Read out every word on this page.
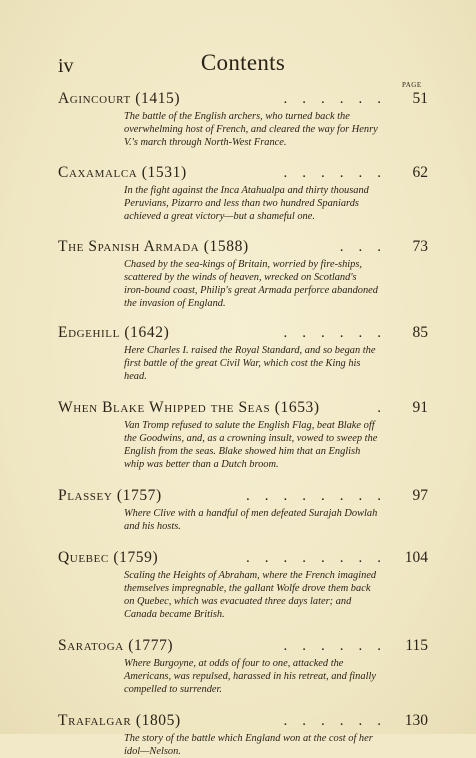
iv	Contents
PAGE
Agincourt (1415)	...... 51

The battle of the English archers, who turned back the overwhelming host of French, and cleared the way for Henry V.'s march through North-West France.

Caxamalca (1531)	...... 62

In the fight against the Inca Atahualpa and thirty thousand Peruvians, Pizarro and less than two hundred Spaniards achieved a great victory—but a shameful one.

The Spanish Armada (1588)	... 73

Chased by the sea-kings of Britain, worried by fire-ships, scattered by the winds of heaven, wrecked on Scotland's iron-bound coast, Philip's great Armada perforce abandoned the invasion of England.

Edgehill (1642)	...... 85

Here Charles I. raised the Royal Standard, and so began the first battle of the great Civil War, which cost the King his head.

When Blake Whipped the Seas (1653)	. 91

Van Tromp refused to salute the English Flag, beat Blake off the Goodwins, and, as a crowning insult, vowed to sweep the English from the seas. Blake showed him that an English whip was better than a Dutch broom.

Plassey (1757)	........ 97

Where Clive with a handful of men defeated Surajah Dowlah and his hosts.

Quebec (1759)	........ 104

Scaling the Heights of Abraham, where the French imagined themselves impregnable, the gallant Wolfe drove them back on Quebec, which was evacuated three days later; and Canada became British.

Saratoga (1777)	...... 115

Where Burgoyne, at odds of four to one, attacked the Americans, was repulsed, harassed in his retreat, and finally compelled to surrender.

Trafalgar (1805)	...... 130

The story of the battle which England won at the cost of her idol—Nelson.
